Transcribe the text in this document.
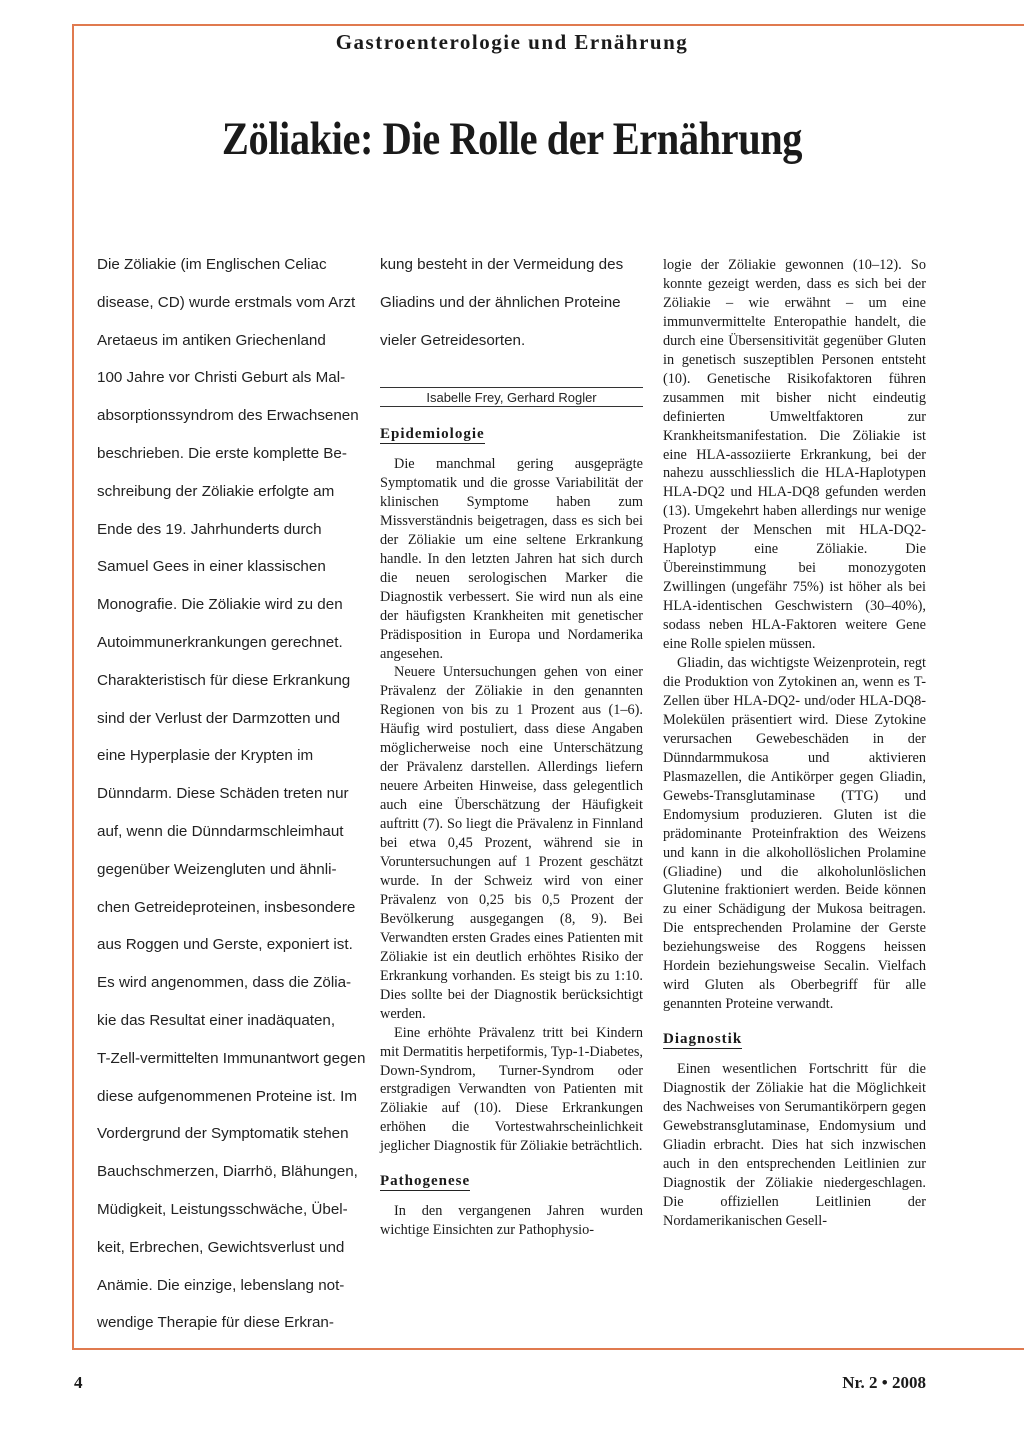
Gastroenterologie und Ernährung
Zöliakie: Die Rolle der Ernährung
Die Zöliakie (im Englischen Celiac
disease, CD) wurde erstmals vom Arzt
Aretaeus im antiken Griechenland
100 Jahre vor Christi Geburt als Mal-
absorptionssyndrom des Erwachsenen
beschrieben. Die erste komplette Be-
schreibung der Zöliakie erfolgte am
Ende des 19. Jahrhunderts durch
Samuel Gees in einer klassischen
Monografie. Die Zöliakie wird zu den
Autoimmunerkrankungen gerechnet.
Charakteristisch für diese Erkrankung
sind der Verlust der Darmzotten und
eine Hyperplasie der Krypten im
Dünndarm. Diese Schäden treten nur
auf, wenn die Dünndarmschleimhaut
gegenüber Weizengluten und ähnli-
chen Getreideproteinen, insbesondere
aus Roggen und Gerste, exponiert ist.
Es wird angenommen, dass die Zölia-
kie das Resultat einer inadäquaten,
T-Zell-vermittelten Immunantwort gegen
diese aufgenommenen Proteine ist. Im
Vordergrund der Symptomatik stehen
Bauchschmerzen, Diarrhö, Blähungen,
Müdigkeit, Leistungsschwäche, Übel-
keit, Erbrechen, Gewichtsverlust und
Anämie. Die einzige, lebenslang not-
wendige Therapie für diese Erkran-
kung besteht in der Vermeidung des
Gliadins und der ähnlichen Proteine
vieler Getreidesorten.
Isabelle Frey, Gerhard Rogler
Epidemiologie

Die manchmal gering ausgeprägte Symptomatik und die grosse Variabilität der klinischen Symptome haben zum Missverständnis beigetragen, dass es sich bei der Zöliakie um eine seltene Erkrankung handle. In den letzten Jahren hat sich durch die neuen serologischen Marker die Diagnostik verbessert. Sie wird nun als eine der häufigsten Krankheiten mit genetischer Prädisposition in Europa und Nordamerika angesehen.

Neuere Untersuchungen gehen von einer Prävalenz der Zöliakie in den genannten Regionen von bis zu 1 Prozent aus (1–6). Häufig wird postuliert, dass diese Angaben möglicherweise noch eine Unterschätzung der Prävalenz darstellen. Allerdings liefern neuere Arbeiten Hinweise, dass gelegentlich auch eine Überschätzung der Häufigkeit auftritt (7). So liegt die Prävalenz in Finnland bei etwa 0,45 Prozent, während sie in Voruntersuchungen auf 1 Prozent geschätzt wurde. In der Schweiz wird von einer Prävalenz von 0,25 bis 0,5 Prozent der Bevölkerung ausgegangen (8, 9). Bei Verwandten ersten Grades eines Patienten mit Zöliakie ist ein deutlich erhöhtes Risiko der Erkrankung vorhanden. Es steigt bis zu 1:10. Dies sollte bei der Diagnostik berücksichtigt werden.

Eine erhöhte Prävalenz tritt bei Kindern mit Dermatitis herpetiformis, Typ-1-Diabetes, Down-Syndrom, Turner-Syndrom oder erstgradigen Verwandten von Patienten mit Zöliakie auf (10). Diese Erkrankungen erhöhen die Vortestwahrscheinlichkeit jeglicher Diagnostik für Zöliakie beträchtlich.

Pathogenese

In den vergangenen Jahren wurden wichtige Einsichten zur Pathophysio-

logie der Zöliakie gewonnen (10–12). So konnte gezeigt werden, dass es sich bei der Zöliakie – wie erwähnt – um eine immunvermittelte Enteropathie handelt, die durch eine Übersensitivität gegenüber Gluten in genetisch suszeptiblen Personen entsteht (10). Genetische Risikofaktoren führen zusammen mit bisher nicht eindeutig definierten Umweltfaktoren zur Krankheitsmanifestation. Die Zöliakie ist eine HLA-assoziierte Erkrankung, bei der nahezu ausschliesslich die HLA-Haplotypen HLA-DQ2 und HLA-DQ8 gefunden werden (13). Umgekehrt haben allerdings nur wenige Prozent der Menschen mit HLA-DQ2-Haplotyp eine Zöliakie. Die Übereinstimmung bei monozygoten Zwillingen (ungefähr 75%) ist höher als bei HLA-identischen Geschwistern (30–40%), sodass neben HLA-Faktoren weitere Gene eine Rolle spielen müssen.

Gliadin, das wichtigste Weizenprotein, regt die Produktion von Zytokinen an, wenn es T-Zellen über HLA-DQ2- und/oder HLA-DQ8-Molekülen präsentiert wird. Diese Zytokine verursachen Gewebeschäden in der Dünndarmmukosa und aktivieren Plasmazellen, die Antikörper gegen Gliadin, Gewebs-Transglutaminase (TTG) und Endomysium produzieren. Gluten ist die prädominante Proteinfraktion des Weizens und kann in die alkohollöslichen Prolamine (Gliadine) und die alkoholunlöslichen Glutenine fraktioniert werden. Beide können zu einer Schädigung der Mukosa beitragen. Die entsprechenden Prolamine der Gerste beziehungsweise des Roggens heissen Hordein beziehungsweise Secalin. Vielfach wird Gluten als Oberbegriff für alle genannten Proteine verwandt.

Diagnostik

Einen wesentlichen Fortschritt für die Diagnostik der Zöliakie hat die Möglichkeit des Nachweises von Serumantikörpern gegen Gewebstransglutaminase, Endomysium und Gliadin erbracht. Dies hat sich inzwischen auch in den entsprechenden Leitlinien zur Diagnostik der Zöliakie niedergeschlagen. Die offiziellen Leitlinien der Nordamerikanischen Gesell-

4	Nr. 2 • 2008
